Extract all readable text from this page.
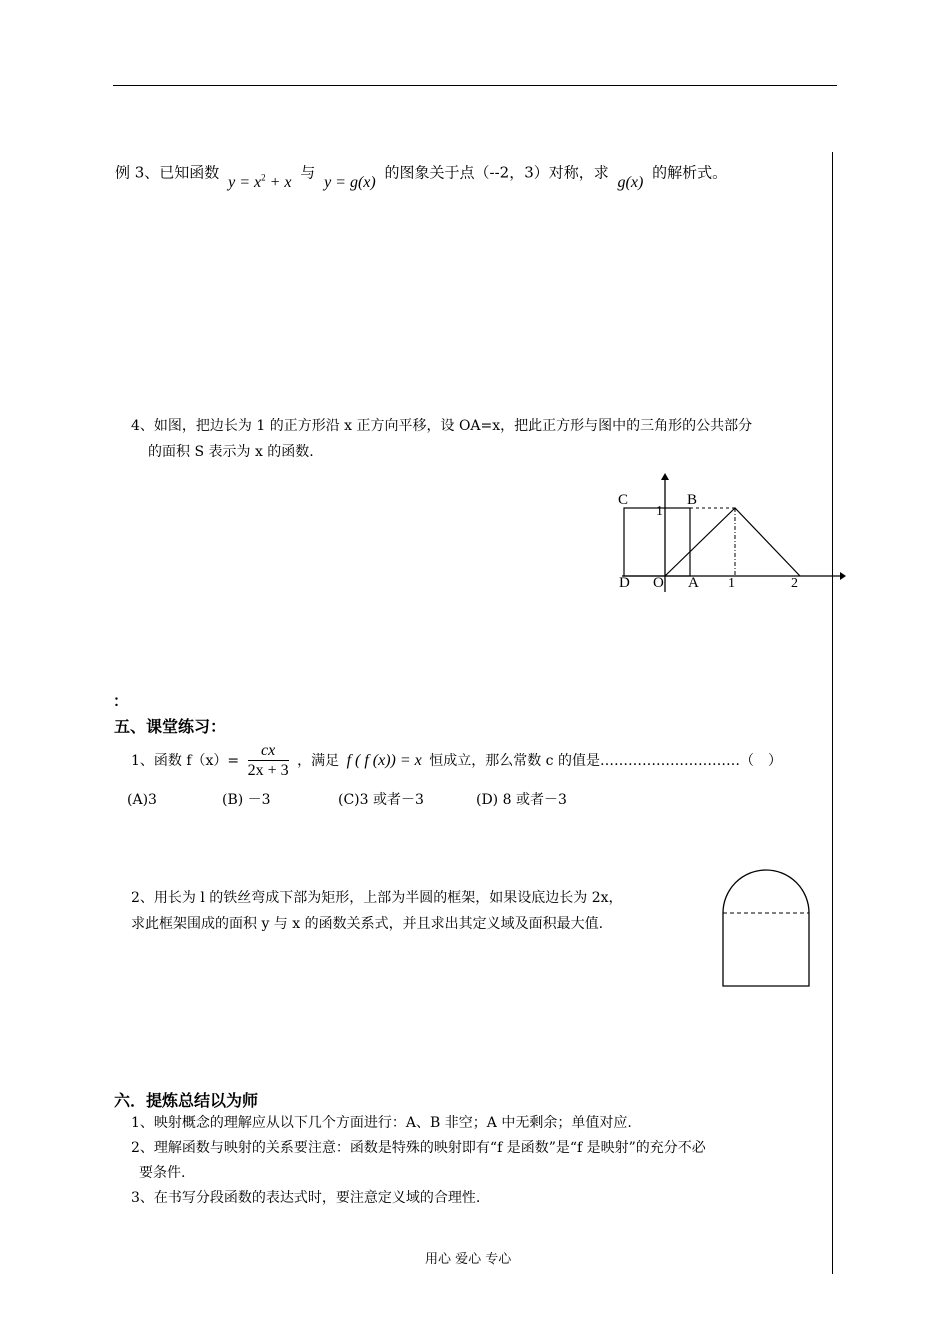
例 3、已知函数 $y = x^2 + x$ 与 y = g(x) 的图象关于点（--2，3）对称，求 g(x) 的解析式。
4、如图，把边长为 1 的正方形沿 x 正方向平移，设 OA=x，把此正方形与图中的三角形的公共部分
的面积 S 表示为 x 的函数.
C	B
1
D O A 1	2
：
五、课堂练习：
1、函数 $f(x)= \frac{cx}{2x + 3}$ ，满足 f ( f (x)) = x 恒成立，那么常数 c 的值是…………………………（　）
(A)3	(B) －3	(C)3 或者－3	(D) 8 或者－3
2、用长为 l 的铁丝弯成下部为矩形，上部为半圆的框架，如果设底边长为 2x，
求此框架围成的面积 y 与 x 的函数关系式，并且求出其定义域及面积最大值.
六．提炼总结以为师
1、映射概念的理解应从以下几个方面进行：A、B 非空；A 中无剩余；单值对应.
2、理解函数与映射的关系要注意：函数是特殊的映射即有“f 是函数”是“f 是映射”的充分不必
要条件.
3、在书写分段函数的表达式时，要注意定义域的合理性.
用心 爱心 专心
